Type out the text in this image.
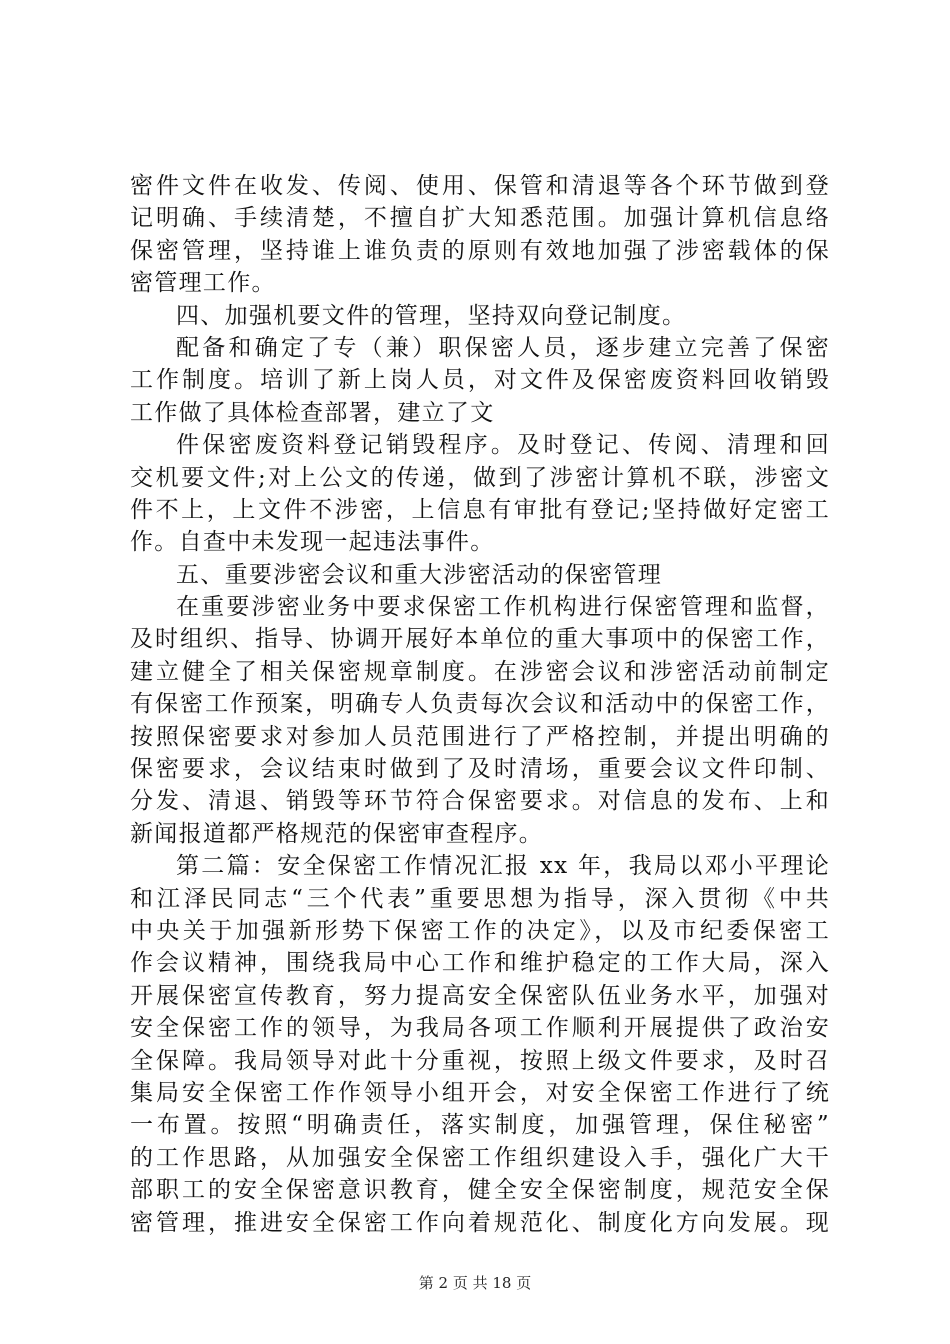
密件文件在收发、传阅、使用、保管和清退等各个环节做到登
记明确、手续清楚，不擅自扩大知悉范围。加强计算机信息络
保密管理，坚持谁上谁负责的原则有效地加强了涉密载体的保
密管理工作。
四、加强机要文件的管理，坚持双向登记制度。
配备和确定了专（兼）职保密人员，逐步建立完善了保密
工作制度。培训了新上岗人员，对文件及保密废资料回收销毁
工作做了具体检查部署，建立了文
件保密废资料登记销毁程序。及时登记、传阅、清理和回
交机要文件;对上公文的传递，做到了涉密计算机不联，涉密文
件不上，上文件不涉密，上信息有审批有登记;坚持做好定密工
作。自查中未发现一起违法事件。
五、重要涉密会议和重大涉密活动的保密管理
在重要涉密业务中要求保密工作机构进行保密管理和监督，
及时组织、指导、协调开展好本单位的重大事项中的保密工作，
建立健全了相关保密规章制度。在涉密会议和涉密活动前制定
有保密工作预案，明确专人负责每次会议和活动中的保密工作，
按照保密要求对参加人员范围进行了严格控制，并提出明确的
保密要求，会议结束时做到了及时清场，重要会议文件印制、
分发、清退、销毁等环节符合保密要求。对信息的发布、上和
新闻报道都严格规范的保密审查程序。
第二篇：安全保密工作情况汇报 xx 年，我局以邓小平理论
和江泽民同志“三个代表”重要思想为指导，深入贯彻《中共
中央关于加强新形势下保密工作的决定》，以及市纪委保密工
作会议精神，围绕我局中心工作和维护稳定的工作大局，深入
开展保密宣传教育，努力提高安全保密队伍业务水平，加强对
安全保密工作的领导，为我局各项工作顺利开展提供了政治安
全保障。我局领导对此十分重视，按照上级文件要求，及时召
集局安全保密工作作领导小组开会，对安全保密工作进行了统
一布置。按照“明确责任，落实制度，加强管理，保住秘密”
的工作思路，从加强安全保密工作组织建设入手，强化广大干
部职工的安全保密意识教育，健全安全保密制度，规范安全保
密管理，推进安全保密工作向着规范化、制度化方向发展。现
第 2 页 共 18 页
